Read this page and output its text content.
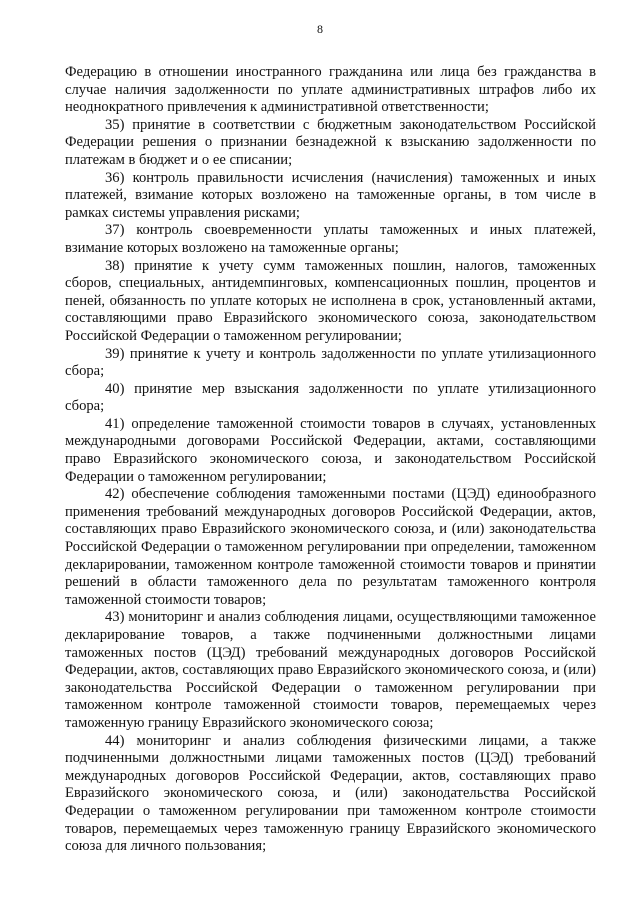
8

Федерацию в отношении иностранного гражданина или лица без гражданства в случае наличия задолженности по уплате административных штрафов либо их неоднократного привлечения к административной ответственности;

35) принятие в соответствии с бюджетным законодательством Российской Федерации решения о признании безнадежной к взысканию задолженности по платежам в бюджет и о ее списании;

36) контроль правильности исчисления (начисления) таможенных и иных платежей, взимание которых возложено на таможенные органы, в том числе в рамках системы управления рисками;

37) контроль своевременности уплаты таможенных и иных платежей, взимание которых возложено на таможенные органы;

38) принятие к учету сумм таможенных пошлин, налогов, таможенных сборов, специальных, антидемпинговых, компенсационных пошлин, процентов и пеней, обязанность по уплате которых не исполнена в срок, установленный актами, составляющими право Евразийского экономического союза, законодательством Российской Федерации о таможенном регулировании;

39) принятие к учету и контроль задолженности по уплате утилизационного сбора;

40) принятие мер взыскания задолженности по уплате утилизационного сбора;

41) определение таможенной стоимости товаров в случаях, установленных международными договорами Российской Федерации, актами, составляющими право Евразийского экономического союза, и законодательством Российской Федерации о таможенном регулировании;

42) обеспечение соблюдения таможенными постами (ЦЭД) единообразного применения требований международных договоров Российской Федерации, актов, составляющих право Евразийского экономического союза, и (или) законодательства Российской Федерации о таможенном регулировании при определении, таможенном декларировании, таможенном контроле таможенной стоимости товаров и принятии решений в области таможенного дела по результатам таможенного контроля таможенной стоимости товаров;

43) мониторинг и анализ соблюдения лицами, осуществляющими таможенное декларирование товаров, а также подчиненными должностными лицами таможенных постов (ЦЭД) требований международных договоров Российской Федерации, актов, составляющих право Евразийского экономического союза, и (или) законодательства Российской Федерации о таможенном регулировании при таможенном контроле таможенной стоимости товаров, перемещаемых через таможенную границу Евразийского экономического союза;

44) мониторинг и анализ соблюдения физическими лицами, а также подчиненными должностными лицами таможенных постов (ЦЭД) требований международных договоров Российской Федерации, актов, составляющих право Евразийского экономического союза, и (или) законодательства Российской Федерации о таможенном регулировании при таможенном контроле стоимости товаров, перемещаемых через таможенную границу Евразийского экономического союза для личного пользования;
